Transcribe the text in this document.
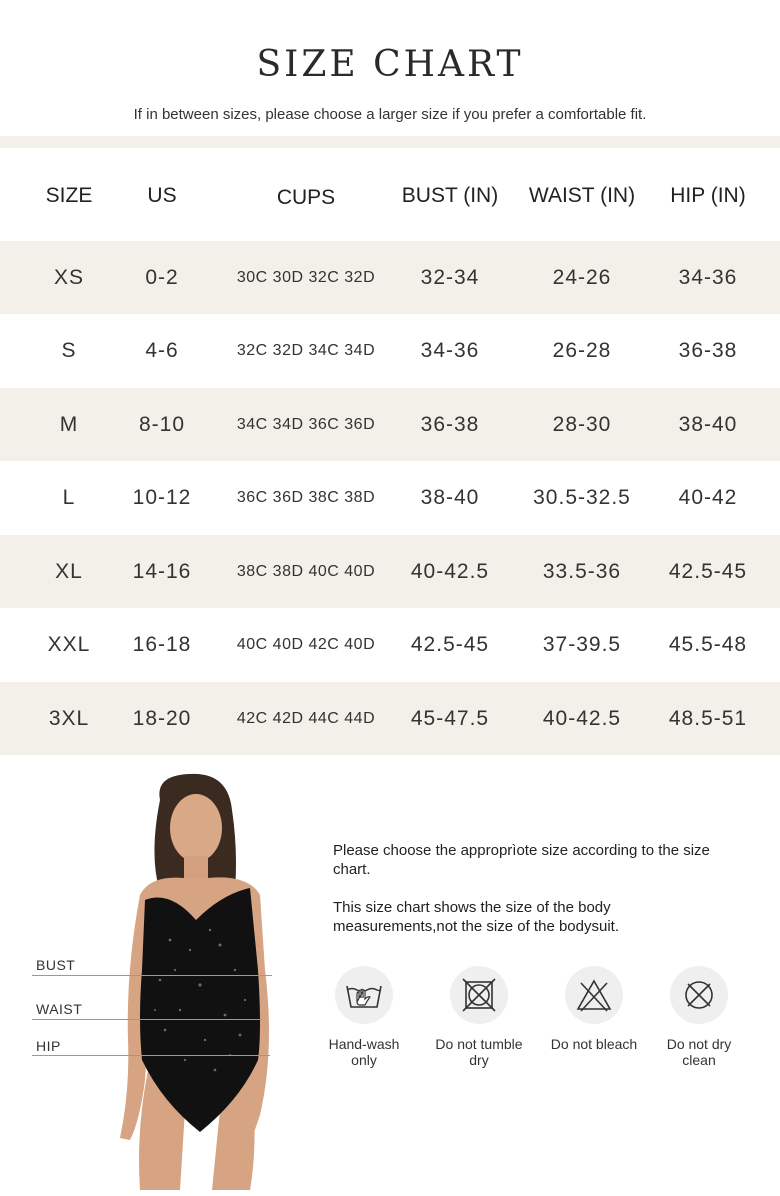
SIZE CHART

If in between sizes, please choose a larger size if you prefer a comfortable fit.

SIZE	US	CUPS	BUST (IN)	WAIST (IN)	HIP (IN)
XS	0-2	30C 30D 32C 32D	32-34	24-26	34-36
S	4-6	32C 32D 34C 34D	34-36	26-28	36-38
M	8-10	34C 34D 36C 36D	36-38	28-30	38-40
L	10-12	36C 36D 38C 38D	38-40	30.5-32.5	40-42
XL	14-16	38C 38D 40C 40D	40-42.5	33.5-36	42.5-45
XXL	16-18	40C 40D 42C 40D	42.5-45	37-39.5	45.5-48
3XL	18-20	42C 42D 44C 44D	45-47.5	40-42.5	48.5-51
BUST
WAIST
HIP

Please choose the approprìote size according to the size chart.

This size chart shows the size of the body measurements,not the size of the bodysuit.

Hand-wash only
Do not tumble dry
Do not bleach	Do not dry clean
